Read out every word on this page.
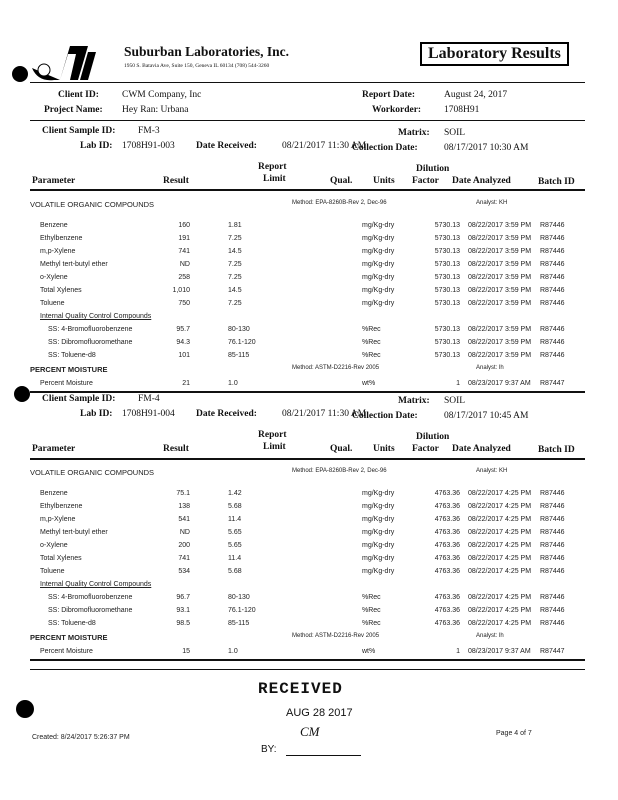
Suburban Laboratories, Inc.
1950 S. Batavia Ave, Suite 150, Geneva IL 60134 (708) 544-3260
Laboratory Results
Client ID: CWM Company, Inc
Project Name: Hey Ran: Urbana
Report Date:	August 24, 2017
Workorder: 1708H91
Client Sample ID: FM-3
Lab ID: 1708H91-003 Date Received:	08/21/2017 11:30 AM
Matrix: SOIL
Collection Date:	08/17/2017 10:30 AM
Parameter	Result
Report
Limit	Qual. Units
Dilution
Factor Date Analyzed	Batch ID
VOLATILE ORGANIC COMPOUNDS	Method: EPA-8260B-Rev 2, Dec-96	Analyst: KH
Benzene	160	1.81	mg/Kg-dry	5730.13 08/22/2017 3:59 PM	R87446
Ethylbenzene	191	7.25	mg/Kg-dry	5730.13 08/22/2017 3:59 PM	R87446
m,p-Xylene	741	14.5	mg/Kg-dry	5730.13 08/22/2017 3:59 PM	R87446
Methyl tert-butyl ether	ND	7.25	mg/Kg-dry	5730.13 08/22/2017 3:59 PM	R87446
o-Xylene	258	7.25	mg/Kg-dry	5730.13 08/22/2017 3:59 PM	R87446
Total Xylenes	1,010	14.5	mg/Kg-dry	5730.13 08/22/2017 3:59 PM	R87446
Toluene	750	7.25	mg/Kg-dry	5730.13 08/22/2017 3:59 PM	R87446
Internal Quality Control Compounds
SS: 4-Bromofluorobenzene	95.7	80-130	%Rec	5730.13 08/22/2017 3:59 PM	R87446
SS: Dibromofluoromethane	94.3	76.1-120	%Rec	5730.13 08/22/2017 3:59 PM	R87446
SS: Toluene-d8	101	85-115	%Rec	5730.13 08/22/2017 3:59 PM	R87446
PERCENT MOISTURE	Method: ASTM-D2216-Rev 2005	Analyst: lh
Percent Moisture	21	1.0	wt%	1 08/23/2017 9:37 AM	R87447
Client Sample ID: FM-4
Lab ID: 1708H91-004 Date Received:	08/21/2017 11:30 AM
Matrix: SOIL
Collection Date:	08/17/2017 10:45 AM
Parameter	Result
Report
Limit	Qual. Units
Dilution
Factor Date Analyzed	Batch ID
VOLATILE ORGANIC COMPOUNDS	Method: EPA-8260B-Rev 2, Dec-96	Analyst: KH
Benzene	75.1	1.42	mg/Kg-dry	4763.36 08/22/2017 4:25 PM	R87446
Ethylbenzene	138	5.68	mg/Kg-dry	4763.36 08/22/2017 4:25 PM	R87446
m,p-Xylene	541	11.4	mg/Kg-dry	4763.36 08/22/2017 4:25 PM	R87446
Methyl tert-butyl ether	ND	5.65	mg/Kg-dry	4763.36 08/22/2017 4:25 PM	R87446
o-Xylene	200	5.65	mg/Kg-dry	4763.36 08/22/2017 4:25 PM	R87446
Total Xylenes	741	11.4	mg/Kg-dry	4763.36 08/22/2017 4:25 PM	R87446
Toluene	534	5.68	mg/Kg-dry	4763.36 08/22/2017 4:25 PM	R87446
Internal Quality Control Compounds
SS: 4-Bromofluorobenzene	96.7	80-130	%Rec	4763.36 08/22/2017 4:25 PM	R87446
SS: Dibromofluoromethane	93.1	76.1-120	%Rec	4763.36 08/22/2017 4:25 PM	R87446
SS: Toluene-d8	98.5	85-115	%Rec	4763.36 08/22/2017 4:25 PM	R87446
PERCENT MOISTURE	Method: ASTM-D2216-Rev 2005	Analyst: lh
Percent Moisture	15	1.0	wt%	1 08/23/2017 9:37 AM	R87447
Created: 8/24/2017 5:26:37 PM
Page 4 of 7
RECEIVED
AUG 28 2017
CM
BY:
